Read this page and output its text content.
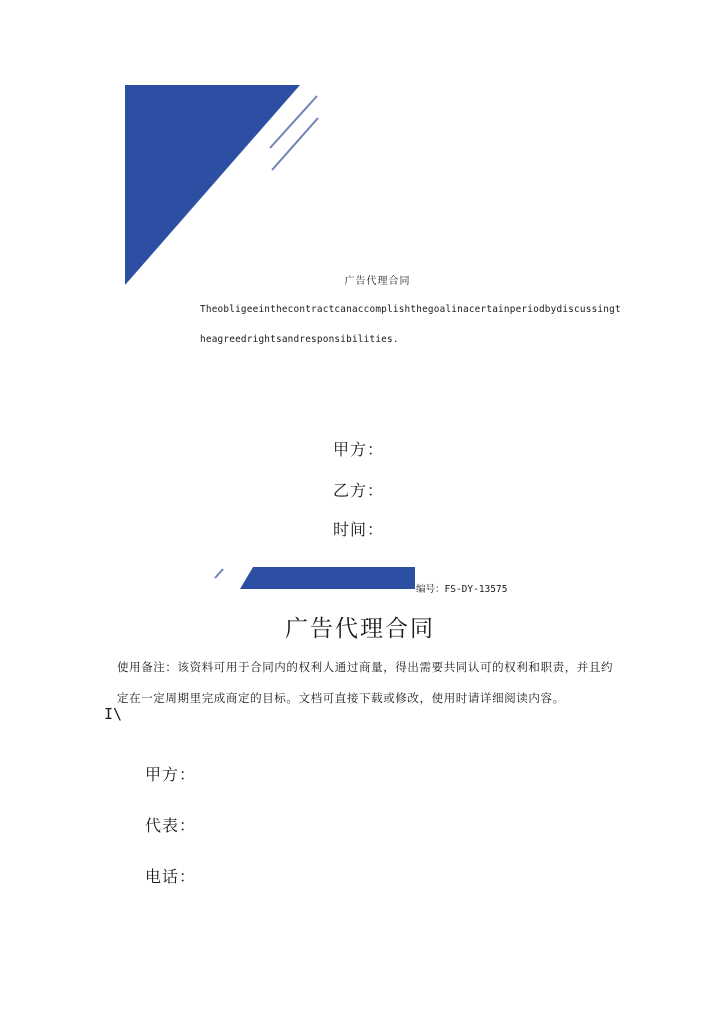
广告代理合同
Theobligeeinthecontractcanaccomplishthegoalinacertainperiodbydiscussingt
heagreedrightsandresponsibilities.
甲方：
乙方：
时间：
编号：FS-DY-13575
广告代理合同
使用备注：该资料可用于合同内的权利人通过商量，得出需要共同认可的权利和职责，并且约
定在一定周期里完成商定的目标。文档可直接下载或修改，使用时请详细阅读内容。
I\
甲方：
代表：
电话：
